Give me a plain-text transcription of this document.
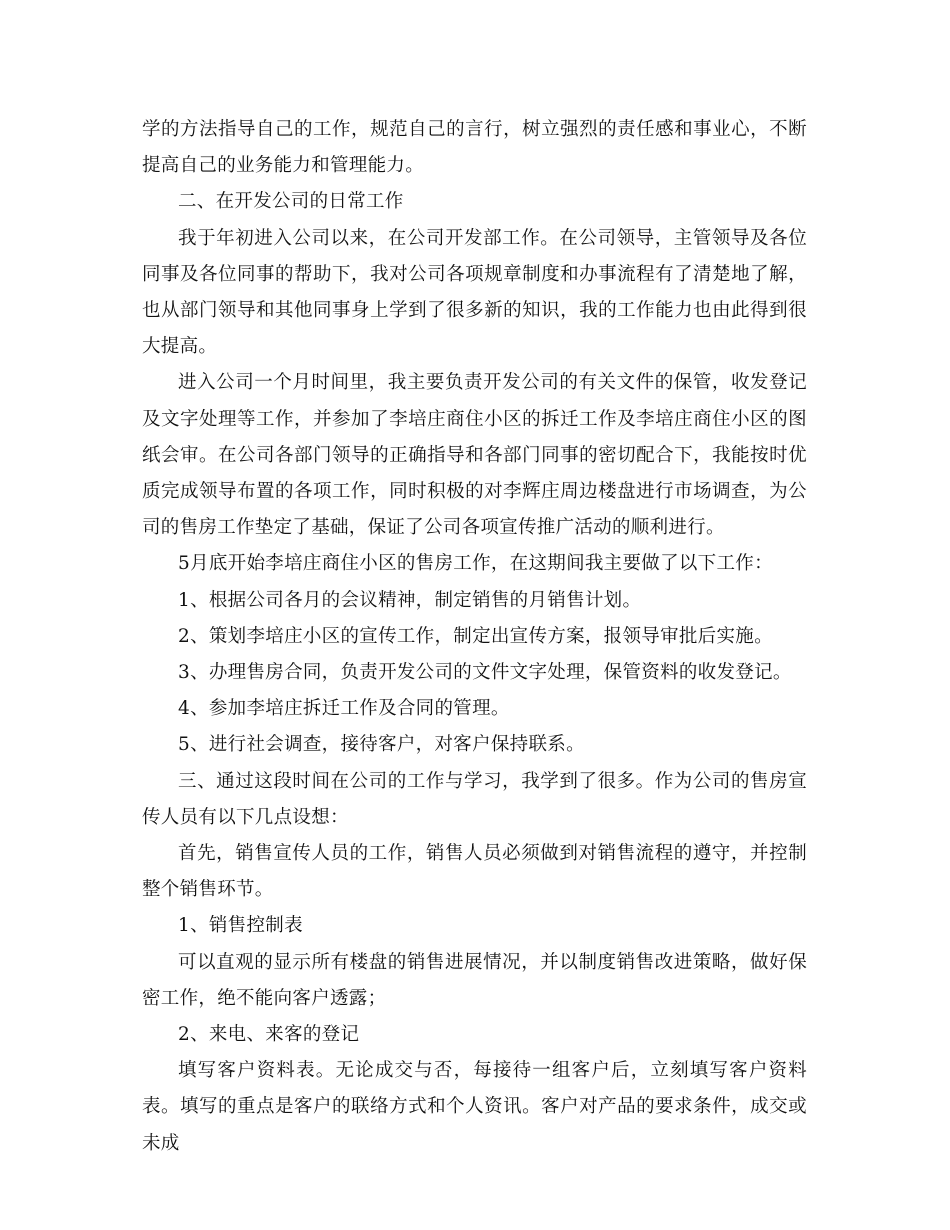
学的方法指导自己的工作，规范自己的言行，树立强烈的责任感和事业心，不断提高自己的业务能力和管理能力。

二、在开发公司的日常工作

我于年初进入公司以来，在公司开发部工作。在公司领导，主管领导及各位同事及各位同事的帮助下，我对公司各项规章制度和办事流程有了清楚地了解，也从部门领导和其他同事身上学到了很多新的知识，我的工作能力也由此得到很大提高。

进入公司一个月时间里，我主要负责开发公司的有关文件的保管，收发登记及文字处理等工作，并参加了李培庄商住小区的拆迁工作及李培庄商住小区的图纸会审。在公司各部门领导的正确指导和各部门同事的密切配合下，我能按时优质完成领导布置的各项工作，同时积极的对李辉庄周边楼盘进行市场调查，为公司的售房工作垫定了基础，保证了公司各项宣传推广活动的顺利进行。

5月底开始李培庄商住小区的售房工作，在这期间我主要做了以下工作：

1、根据公司各月的会议精神，制定销售的月销售计划。

2、策划李培庄小区的宣传工作，制定出宣传方案，报领导审批后实施。

3、办理售房合同，负责开发公司的文件文字处理，保管资料的收发登记。

4、参加李培庄拆迁工作及合同的管理。

5、进行社会调查，接待客户，对客户保持联系。

三、通过这段时间在公司的工作与学习，我学到了很多。作为公司的售房宣传人员有以下几点设想：

首先，销售宣传人员的工作，销售人员必须做到对销售流程的遵守，并控制整个销售环节。

1、销售控制表

可以直观的显示所有楼盘的销售进展情况，并以制度销售改进策略，做好保密工作，绝不能向客户透露；

2、来电、来客的登记

填写客户资料表。无论成交与否，每接待一组客户后，立刻填写客户资料表。填写的重点是客户的联络方式和个人资讯。客户对产品的要求条件，成交或未成
